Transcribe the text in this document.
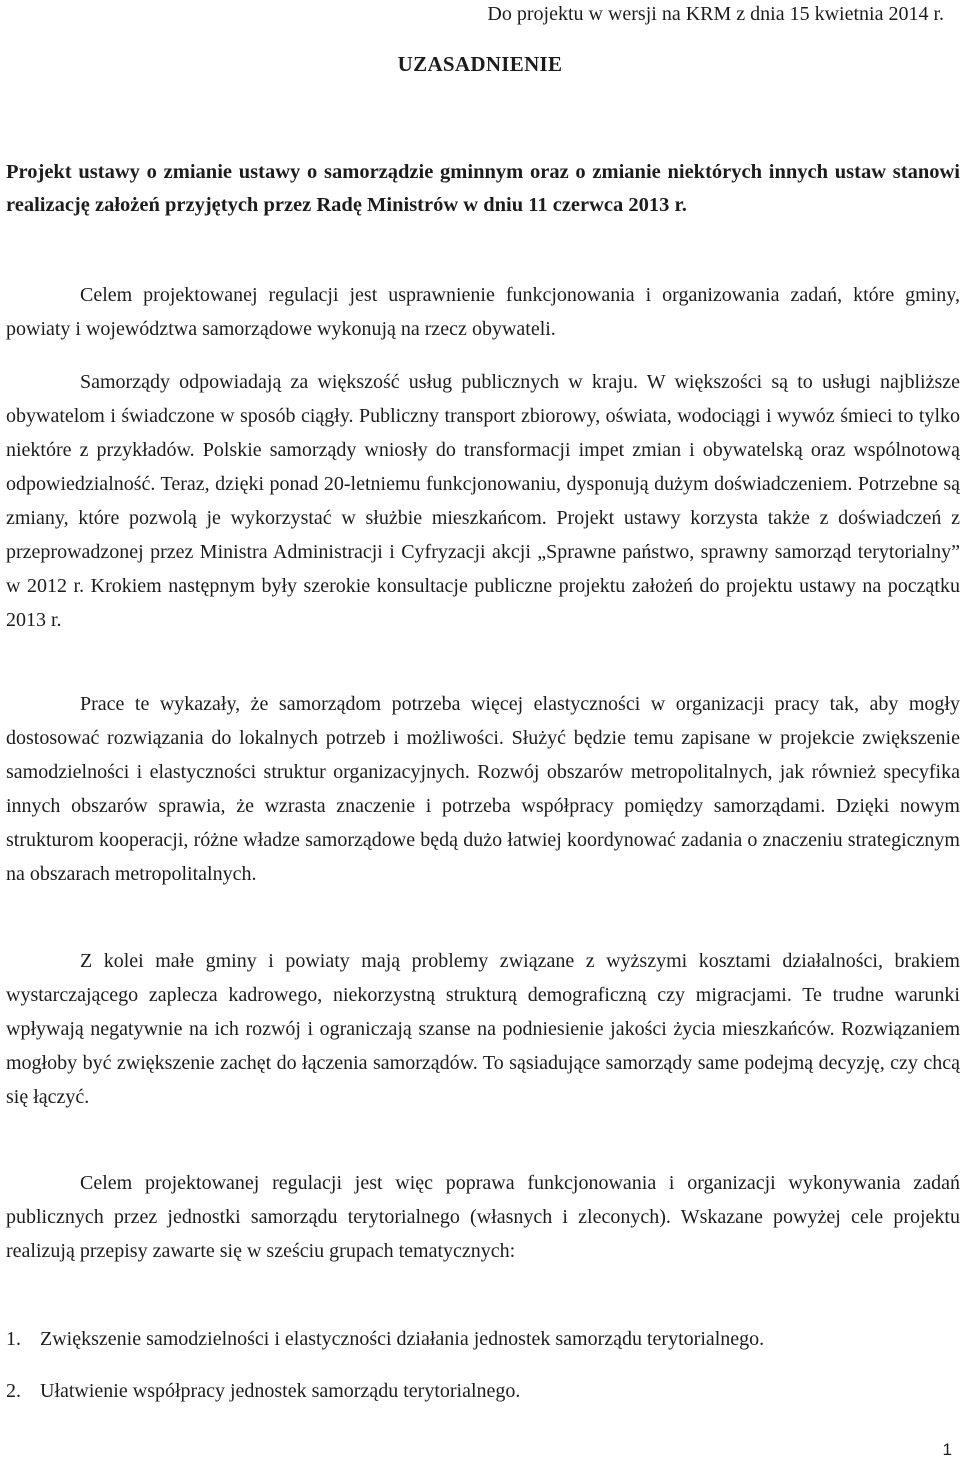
Do projektu w wersji na KRM z dnia 15 kwietnia 2014 r.
UZASADNIENIE

Projekt ustawy o zmianie ustawy o samorządzie gminnym oraz o zmianie niektórych innych ustaw stanowi realizację założeń przyjętych przez Radę Ministrów w dniu 11 czerwca 2013 r.

Celem projektowanej regulacji jest usprawnienie funkcjonowania i organizowania zadań, które gminy, powiaty i województwa samorządowe wykonują na rzecz obywateli.

Samorządy odpowiadają za większość usług publicznych w kraju. W większości są to usługi najbliższe obywatelom i świadczone w sposób ciągły. Publiczny transport zbiorowy, oświata, wodociągi i wywóz śmieci to tylko niektóre z przykładów. Polskie samorządy wniosły do transformacji impet zmian i obywatelską oraz wspólnotową odpowiedzialność. Teraz, dzięki ponad 20-letniemu funkcjonowaniu, dysponują dużym doświadczeniem. Potrzebne są zmiany, które pozwolą je wykorzystać w służbie mieszkańcom. Projekt ustawy korzysta także z doświadczeń z przeprowadzonej przez Ministra Administracji i Cyfryzacji akcji „Sprawne państwo, sprawny samorząd terytorialny” w 2012 r. Krokiem następnym były szerokie konsultacje publiczne projektu założeń do projektu ustawy na początku 2013 r.

Prace te wykazały, że samorządom potrzeba więcej elastyczności w organizacji pracy tak, aby mogły dostosować rozwiązania do lokalnych potrzeb i możliwości. Służyć będzie temu zapisane w projekcie zwiększenie samodzielności i elastyczności struktur organizacyjnych. Rozwój obszarów metropolitalnych, jak również specyfika innych obszarów sprawia, że wzrasta znaczenie i potrzeba współpracy pomiędzy samorządami. Dzięki nowym strukturom kooperacji, różne władze samorządowe będą dużo łatwiej koordynować zadania o znaczeniu strategicznym na obszarach metropolitalnych.

Z kolei małe gminy i powiaty mają problemy związane z wyższymi kosztami działalności, brakiem wystarczającego zaplecza kadrowego, niekorzystną strukturą demograficzną czy migracjami. Te trudne warunki wpływają negatywnie na ich rozwój i ograniczają szanse na podniesienie jakości życia mieszkańców. Rozwiązaniem mogłoby być zwiększenie zachęt do łączenia samorządów. To sąsiadujące samorządy same podejmą decyzję, czy chcą się łączyć.

Celem projektowanej regulacji jest więc poprawa funkcjonowania i organizacji wykonywania zadań publicznych przez jednostki samorządu terytorialnego (własnych i zleconych). Wskazane powyżej cele projektu realizują przepisy zawarte się w sześciu grupach tematycznych:

1. Zwiększenie samodzielności i elastyczności działania jednostek samorządu terytorialnego.
2. Ułatwienie współpracy jednostek samorządu terytorialnego.
1
